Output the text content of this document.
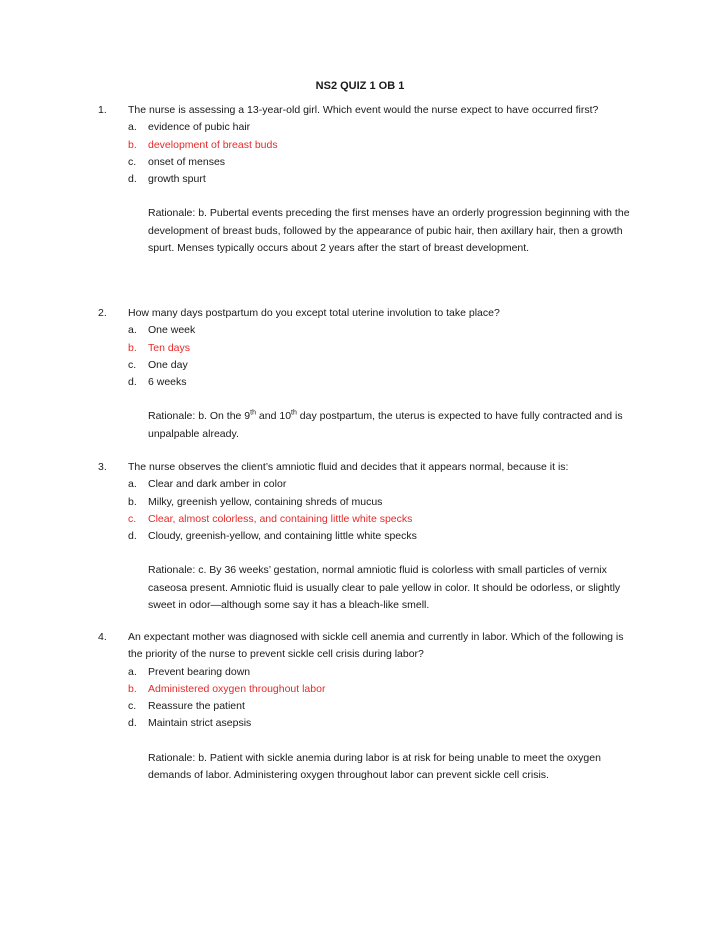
NS2 QUIZ 1 OB 1
1. The nurse is assessing a 13-year-old girl. Which event would the nurse expect to have occurred first?

a. evidence of pubic hair
b. development of breast buds
c. onset of menses
d. growth spurt

Rationale: b. Pubertal events preceding the first menses have an orderly progression beginning with the development of breast buds, followed by the appearance of pubic hair, then axillary hair, then a growth spurt. Menses typically occurs about 2 years after the start of breast development.

2. How many days postpartum do you except total uterine involution to take place?

a. One week
b. Ten days
c. One day
d. 6 weeks

Rationale: b. On the 9th and 10th day postpartum, the uterus is expected to have fully contracted and is unpalpable already.

3. The nurse observes the client’s amniotic fluid and decides that it appears normal, because it is:

a. Clear and dark amber in color
b. Milky, greenish yellow, containing shreds of mucus
c. Clear, almost colorless, and containing little white specks
d. Cloudy, greenish-yellow, and containing little white specks

Rationale: c. By 36 weeks’ gestation, normal amniotic fluid is colorless with small particles of vernix caseosa present. Amniotic fluid is usually clear to pale yellow in color. It should be odorless, or slightly sweet in odor—although some say it has a bleach-like smell.

4. An expectant mother was diagnosed with sickle cell anemia and currently in labor. Which of the following is the priority of the nurse to prevent sickle cell crisis during labor?

a. Prevent bearing down
b. Administered oxygen throughout labor
c. Reassure the patient
d. Maintain strict asepsis

Rationale: b. Patient with sickle anemia during labor is at risk for being unable to meet the oxygen demands of labor. Administering oxygen throughout labor can prevent sickle cell crisis.
